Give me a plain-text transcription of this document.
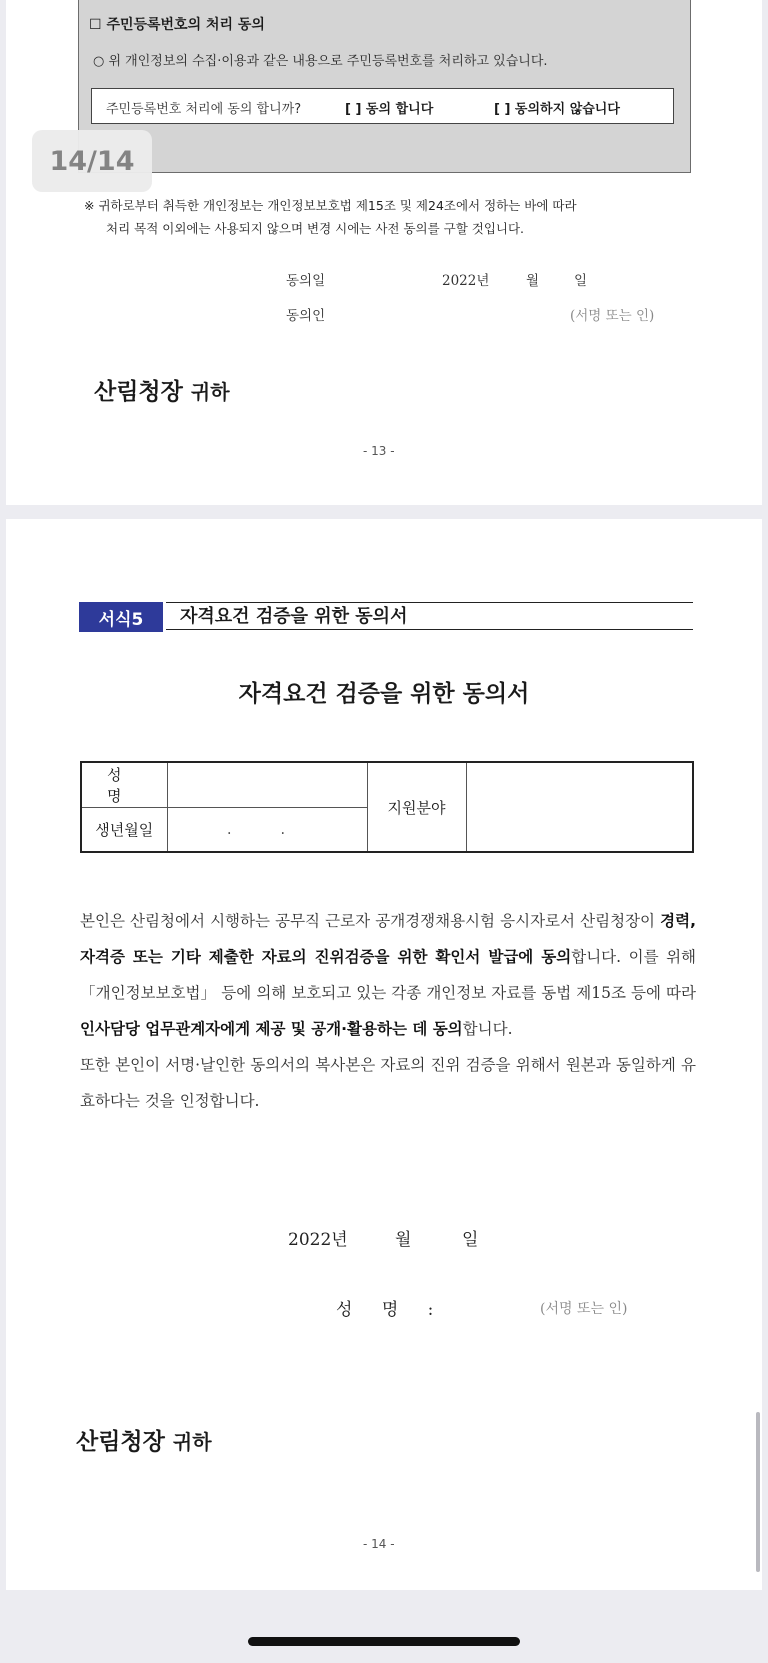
☐ 주민등록번호의 처리 동의
○ 위 개인정보의 수집·이용과 같은 내용으로 주민등록번호를 처리하고 있습니다.
주민등록번호 처리에 동의 합니까?	[ ] 동의 합니다	[ ] 동의하지 않습니다
※ 귀하로부터 취득한 개인정보는 개인정보보호법 제15조 및 제24조에서 정하는 바에 따라
처리 목적 이외에는 사용되지 않으며 변경 시에는 사전 동의를 구할 것입니다.
동의일	2022년	월	일
동의인	(서명 또는 인)
산림청장 귀하
- 13 -
14/14
서식5	자격요건 검증을 위한 동의서
자격요건 검증을 위한 동의서
성 명		지원분야	
생년월일	. .		
본인은 산림청에서 시행하는 공무직 근로자 공개경쟁채용시험 응시자로서 산림청장이 경력, 자격증 또는 기타 제출한 자료의 진위검증을 위한 확인서 발급에 동의합니다. 이를 위해 「개인정보보호법」 등에 의해 보호되고 있는 각종 개인정보 자료를 동법 제15조 등에 따라 인사담당 업무관계자에게 제공 및 공개·활용하는 데 동의합니다.
또한 본인이 서명·날인한 동의서의 복사본은 자료의 진위 검증을 위해서 원본과 동일하게 유효하다는 것을 인정합니다.
2022년	월	일
성 명 :	(서명 또는 인)
산림청장 귀하
- 14 -
